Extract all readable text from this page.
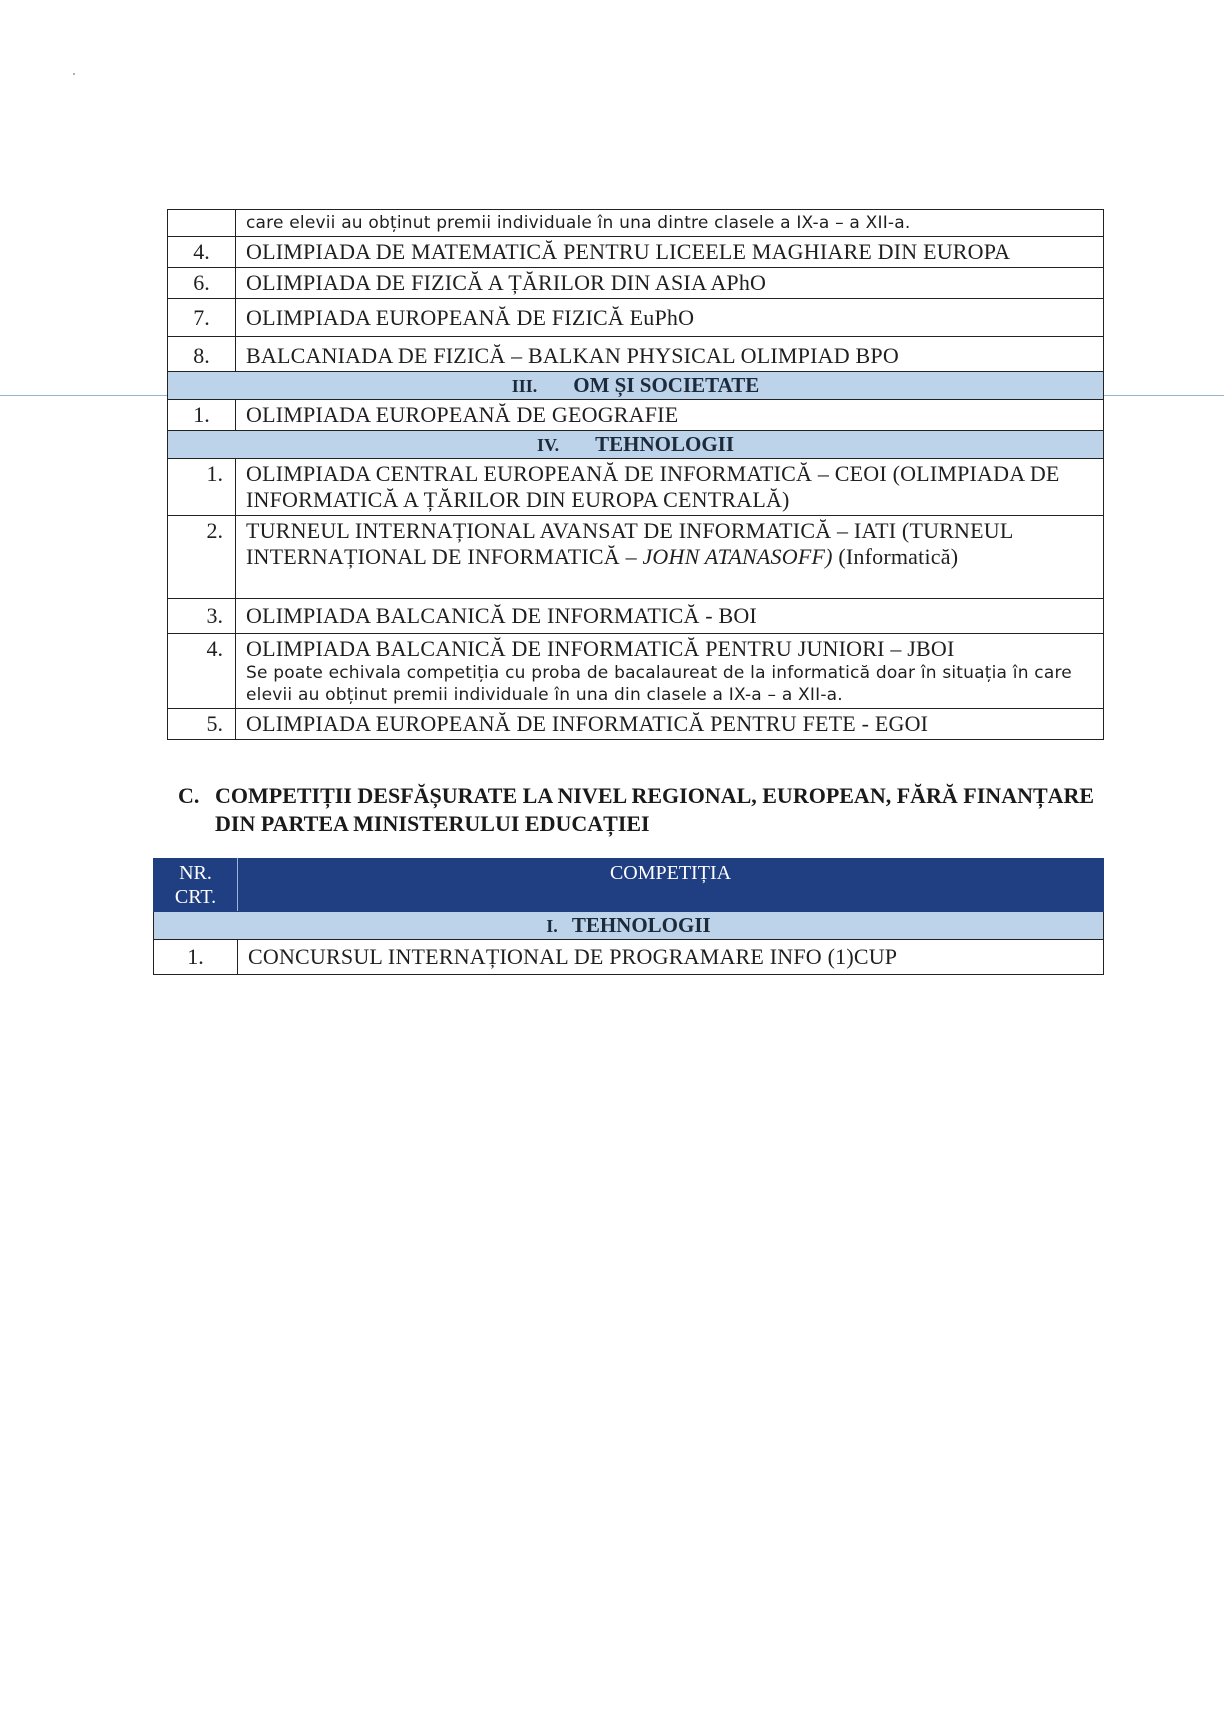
	care elevii au obținut premii individuale în una dintre clasele a IX-a – a XII-a.
4.	OLIMPIADA DE MATEMATICĂ PENTRU LICEELE MAGHIARE DIN EUROPA
6.	OLIMPIADA DE FIZICĂ A ȚĂRILOR DIN ASIA APhO
7.	OLIMPIADA EUROPEANĂ DE FIZICĂ EuPhO
8.	BALCANIADA DE FIZICĂ – BALKAN PHYSICAL OLIMPIAD BPO
III. OM ȘI SOCIETATE	
1.	OLIMPIADA EUROPEANĂ DE GEOGRAFIE
IV. TEHNOLOGII	
1.	OLIMPIADA CENTRAL EUROPEANĂ DE INFORMATICĂ – CEOI (OLIMPIADA DE INFORMATICĂ A ȚĂRILOR DIN EUROPA CENTRALĂ)
2.	TURNEUL INTERNAȚIONAL AVANSAT DE INFORMATICĂ – IATI (TURNEUL INTERNAȚIONAL DE INFORMATICĂ – JOHN ATANASOFF) (Informatică)
3.	OLIMPIADA BALCANICĂ DE INFORMATICĂ - BOI
4.	OLIMPIADA BALCANICĂ DE INFORMATICĂ PENTRU JUNIORI – JBOI
Se poate echivala competiția cu proba de bacalaureat de la informatică doar în situația în care elevii au obținut premii individuale în una din clasele a IX-a – a XII-a.

5.	OLIMPIADA EUROPEANĂ DE INFORMATICĂ PENTRU FETE - EGOI
C. COMPETIȚII DESFĂȘURATE LA NIVEL REGIONAL, EUROPEAN, FĂRĂ FINANȚARE DIN PARTEA MINISTERULUI EDUCAȚIEI
NR. CRT.	COMPETIȚIA
I. TEHNOLOGII	
1.	CONCURSUL INTERNAȚIONAL DE PROGRAMARE INFO (1)CUP
